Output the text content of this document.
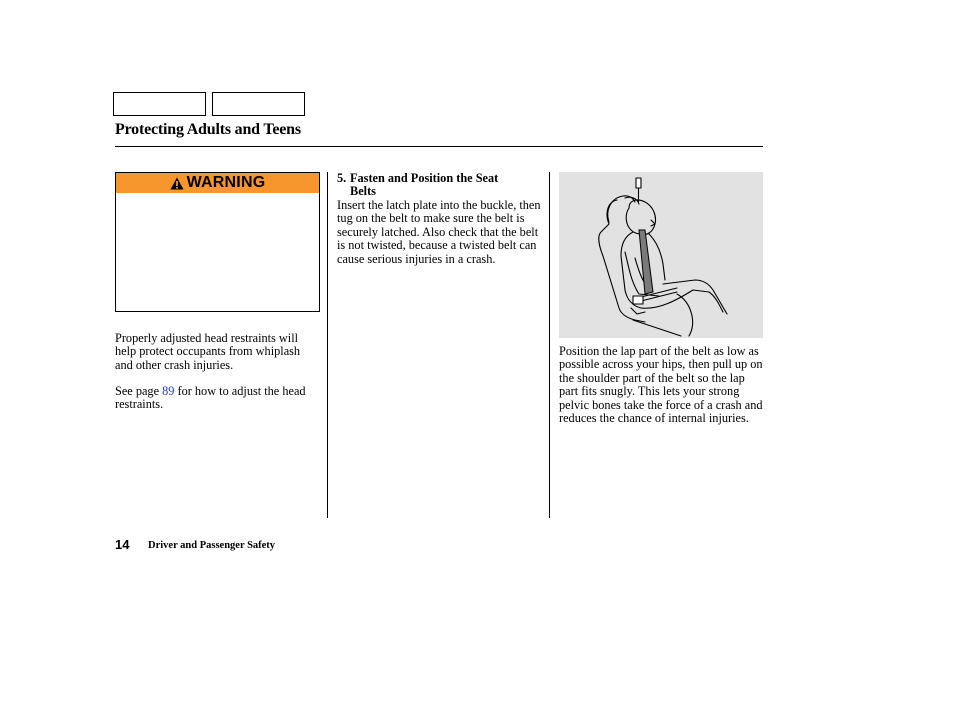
Protecting Adults and Teens
WARNING
Properly adjusted head restraints will help protect occupants from whiplash and other crash injuries.
See page 89 for how to adjust the head restraints.
5. Fasten and Position the Seat
Belts
Insert the latch plate into the buckle, then tug on the belt to make sure the belt is securely latched. Also check that the belt is not twisted, because a twisted belt can cause serious injuries in a crash.
Position the lap part of the belt as low as possible across your hips, then pull up on the shoulder part of the belt so the lap part fits snugly. This lets your strong pelvic bones take the force of a crash and reduces the chance of internal injuries.
14 Driver and Passenger Safety
